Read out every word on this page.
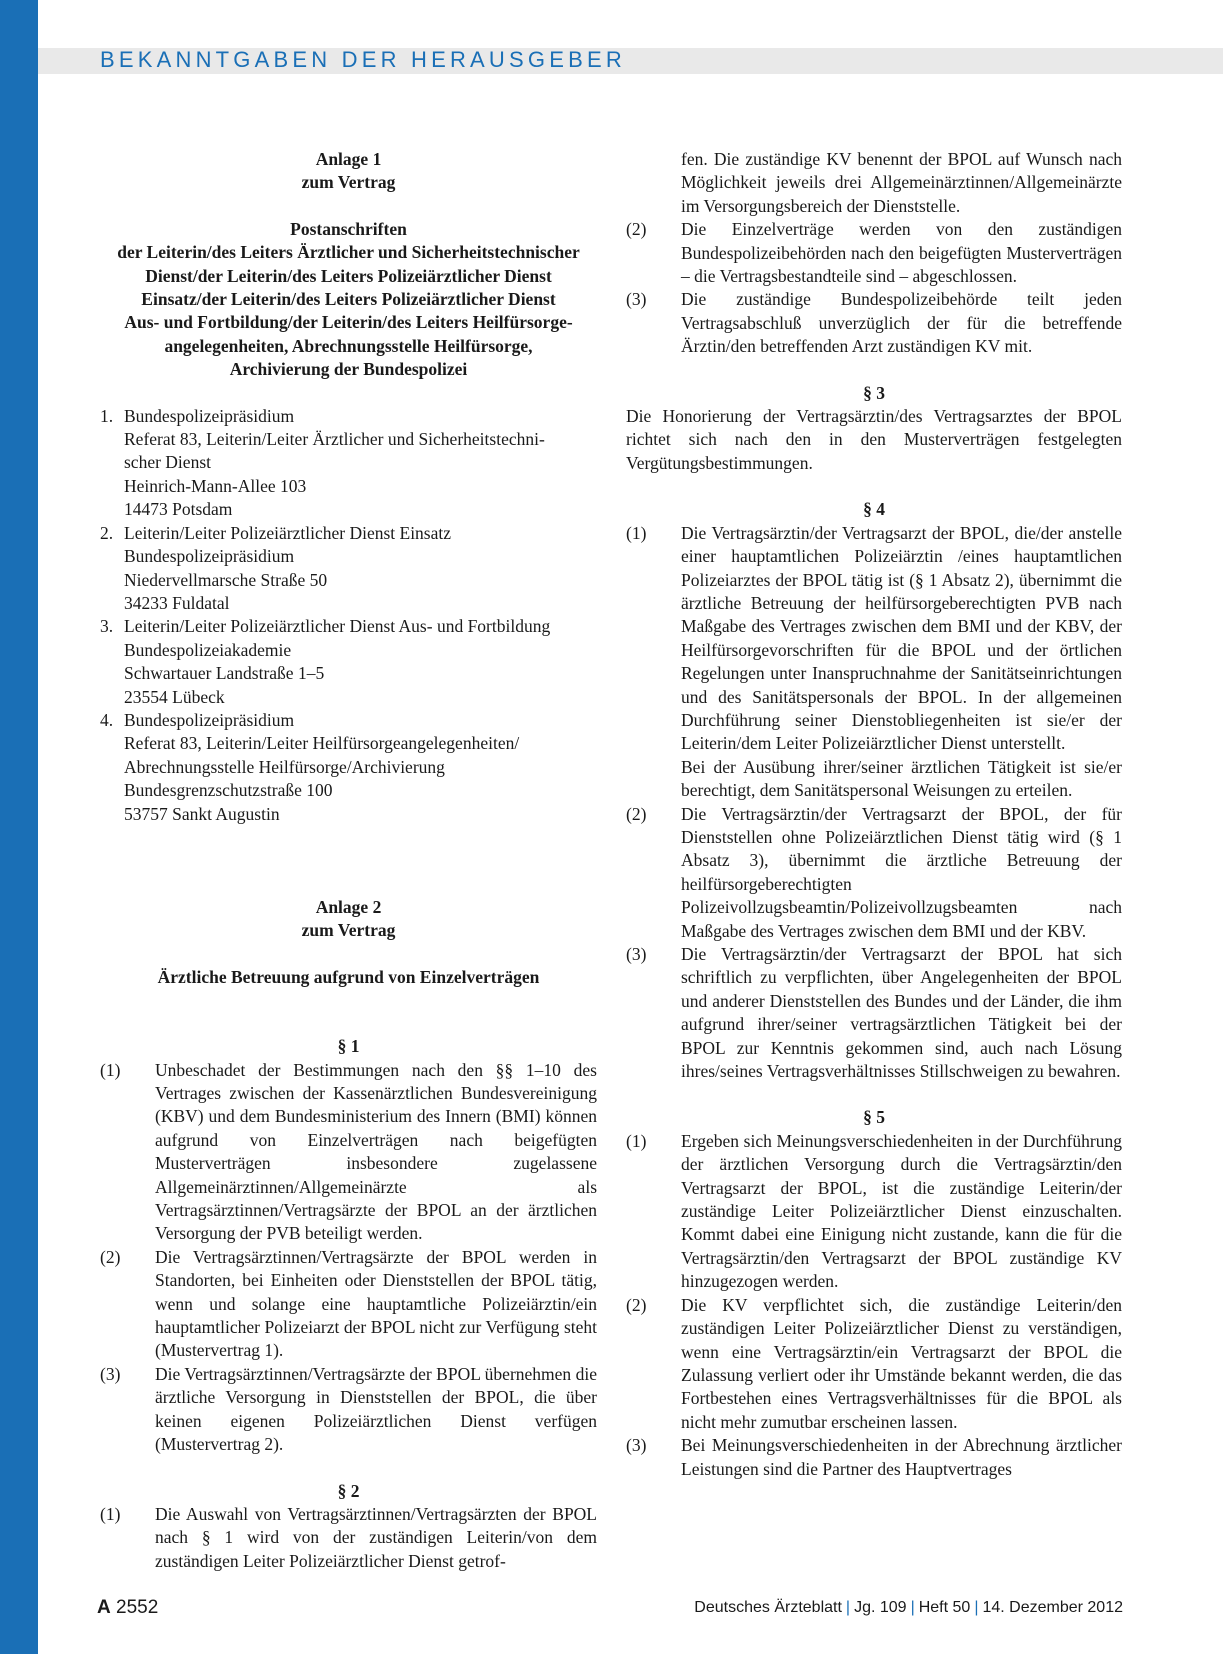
BEKANNTGABEN DER HERAUSGEBER
Anlage 1
zum Vertrag
Postanschriften
der Leiterin/des Leiters Ärztlicher und Sicherheitstechnischer
Dienst/der Leiterin/des Leiters Polizeiärztlicher Dienst
Einsatz/der Leiterin/des Leiters Polizeiärztlicher Dienst
Aus- und Fortbildung/der Leiterin/des Leiters Heilfürsorge-
angelegenheiten, Abrechnungsstelle Heilfürsorge,
Archivierung der Bundespolizei
1. Bundespolizeipräsidium
Referat 83, Leiterin/Leiter Ärztlicher und Sicherheitstechni-
scher Dienst
Heinrich-Mann-Allee 103
14473 Potsdam
2. Leiterin/Leiter Polizeiärztlicher Dienst Einsatz
Bundespolizeipräsidium
Niedervellmarsche Straße 50
34233 Fuldatal
3. Leiterin/Leiter Polizeiärztlicher Dienst Aus- und Fortbildung
Bundespolizeiakademie
Schwartauer Landstraße 1–5
23554 Lübeck
4. Bundespolizeipräsidium
Referat 83, Leiterin/Leiter Heilfürsorgeangelegenheiten/
Abrechnungsstelle Heilfürsorge/Archivierung
Bundesgrenzschutzstraße 100
53757 Sankt Augustin
Anlage 2
zum Vertrag
Ärztliche Betreuung aufgrund von Einzelverträgen
§ 1
(1)	Unbeschadet der Bestimmungen nach den §§ 1–10 des Vertrages zwischen der Kassenärztlichen Bundesvereinigung (KBV) und dem Bundesministerium des Innern (BMI) können aufgrund von Einzelverträgen nach beigefügten Musterverträgen insbesondere zugelassene Allgemeinärztinnen/Allgemeinärzte als Vertragsärztinnen/Vertragsärzte der BPOL an der ärztlichen Versorgung der PVB beteiligt werden.
(2)	Die Vertragsärztinnen/Vertragsärzte der BPOL werden in Standorten, bei Einheiten oder Dienststellen der BPOL tätig, wenn und solange eine hauptamtliche Polizeiärztin/ein hauptamtlicher Polizeiarzt der BPOL nicht zur Verfügung steht (Mustervertrag 1).
(3)	Die Vertragsärztinnen/Vertragsärzte der BPOL übernehmen die ärztliche Versorgung in Dienststellen der BPOL, die über keinen eigenen Polizeiärztlichen Dienst verfügen (Mustervertrag 2).
§ 2
(1)	Die Auswahl von Vertragsärztinnen/Vertragsärzten der BPOL nach § 1 wird von der zuständigen Leiterin/von dem zuständigen Leiter Polizeiärztlicher Dienst getrof-
fen. Die zuständige KV benennt der BPOL auf Wunsch nach Möglichkeit jeweils drei Allgemeinärztinnen/Allgemeinärzte im Versorgungsbereich der Dienststelle.
(2)	Die Einzelverträge werden von den zuständigen Bundespolizeibehörden nach den beigefügten Musterverträgen – die Vertragsbestandteile sind – abgeschlossen.
(3)	Die zuständige Bundespolizeibehörde teilt jeden Vertragsabschluß unverzüglich der für die betreffende Ärztin/den betreffenden Arzt zuständigen KV mit.
§ 3
Die Honorierung der Vertragsärztin/des Vertragsarztes der BPOL richtet sich nach den in den Musterverträgen festgelegten Vergütungsbestimmungen.
§ 4
(1)	Die Vertragsärztin/der Vertragsarzt der BPOL, die/der anstelle einer hauptamtlichen Polizeiärztin /eines hauptamtlichen Polizeiarztes der BPOL tätig ist (§ 1 Absatz 2), übernimmt die ärztliche Betreuung der heilfürsorgeberechtigten PVB nach Maßgabe des Vertrages zwischen dem BMI und der KBV, der Heilfürsorgevorschriften für die BPOL und der örtlichen Regelungen unter Inanspruchnahme der Sanitätseinrichtungen und des Sanitätspersonals der BPOL. In der allgemeinen Durchführung seiner Dienstobliegenheiten ist sie/er der Leiterin/dem Leiter Polizeiärztlicher Dienst unterstellt.
Bei der Ausübung ihrer/seiner ärztlichen Tätigkeit ist sie/er berechtigt, dem Sanitätspersonal Weisungen zu erteilen.
(2)	Die Vertragsärztin/der Vertragsarzt der BPOL, der für Dienststellen ohne Polizeiärztlichen Dienst tätig wird (§ 1 Absatz 3), übernimmt die ärztliche Betreuung der heilfürsorgeberechtigten Polizeivollzugsbeamtin/Polizeivollzugsbeamten nach Maßgabe des Vertrages zwischen dem BMI und der KBV.
(3)	Die Vertragsärztin/der Vertragsarzt der BPOL hat sich schriftlich zu verpflichten, über Angelegenheiten der BPOL und anderer Dienststellen des Bundes und der Länder, die ihm aufgrund ihrer/seiner vertragsärztlichen Tätigkeit bei der BPOL zur Kenntnis gekommen sind, auch nach Lösung ihres/seines Vertragsverhältnisses Stillschweigen zu bewahren.
§ 5
(1)	Ergeben sich Meinungsverschiedenheiten in der Durchführung der ärztlichen Versorgung durch die Vertragsärztin/den Vertragsarzt der BPOL, ist die zuständige Leiterin/der zuständige Leiter Polizeiärztlicher Dienst einzuschalten. Kommt dabei eine Einigung nicht zustande, kann die für die Vertragsärztin/den Vertragsarzt der BPOL zuständige KV hinzugezogen werden.
(2)	Die KV verpflichtet sich, die zuständige Leiterin/den zuständigen Leiter Polizeiärztlicher Dienst zu verständigen, wenn eine Vertragsärztin/ein Vertragsarzt der BPOL die Zulassung verliert oder ihr Umstände bekannt werden, die das Fortbestehen eines Vertragsverhältnisses für die BPOL als nicht mehr zumutbar erscheinen lassen.
(3)	Bei Meinungsverschiedenheiten in der Abrechnung ärztlicher Leistungen sind die Partner des Hauptvertrages
A 2552	Deutsches Ärzteblatt | Jg. 109 | Heft 50 | 14. Dezember 2012
